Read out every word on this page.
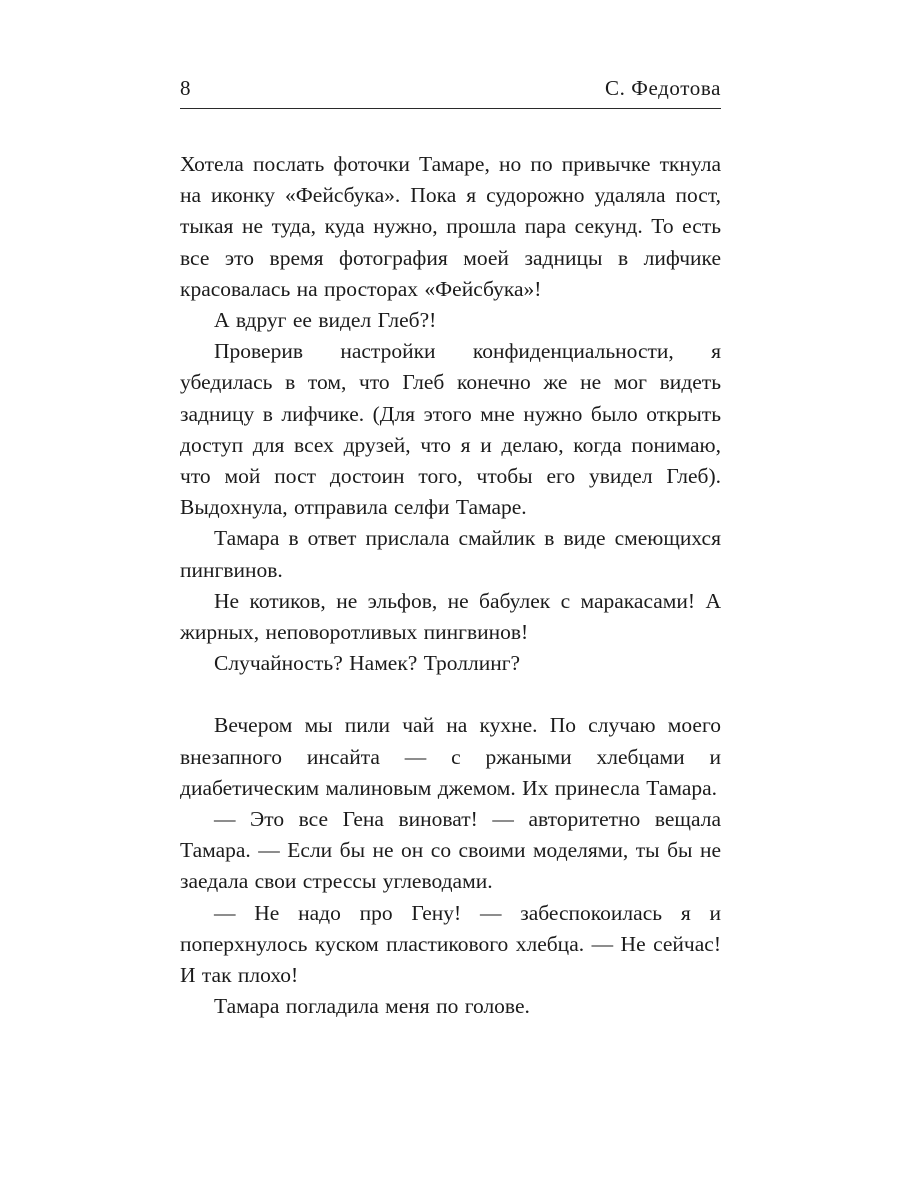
8	С. Федотова

Хотела послать фоточки Тамаре, но по привычке ткнула на иконку «Фейсбука». Пока я судорожно удаляла пост, тыкая не туда, куда нужно, прошла пара секунд. То есть все это время фотография моей задницы в лифчике красовалась на просторах «Фейсбука»!

А вдруг ее видел Глеб?!

Проверив настройки конфиденциальности, я убедилась в том, что Глеб конечно же не мог видеть задницу в лифчике. (Для этого мне нужно было открыть доступ для всех друзей, что я и делаю, когда понимаю, что мой пост достоин того, чтобы его увидел Глеб). Выдохнула, отправила селфи Тамаре.

Тамара в ответ прислала смайлик в виде смеющихся пингвинов.

Не котиков, не эльфов, не бабулек с маракасами! А жирных, неповоротливых пингвинов!

Случайность? Намек? Троллинг?

Вечером мы пили чай на кухне. По случаю моего внезапного инсайта — с ржаными хлебцами и диабетическим малиновым джемом. Их принесла Тамара.

— Это все Гена виноват! — авторитетно вещала Тамара. — Если бы не он со своими моделями, ты бы не заедала свои стрессы углеводами.

— Не надо про Гену! — забеспокоилась я и поперхнулось куском пластикового хлебца. — Не сейчас! И так плохо!

Тамара погладила меня по голове.
